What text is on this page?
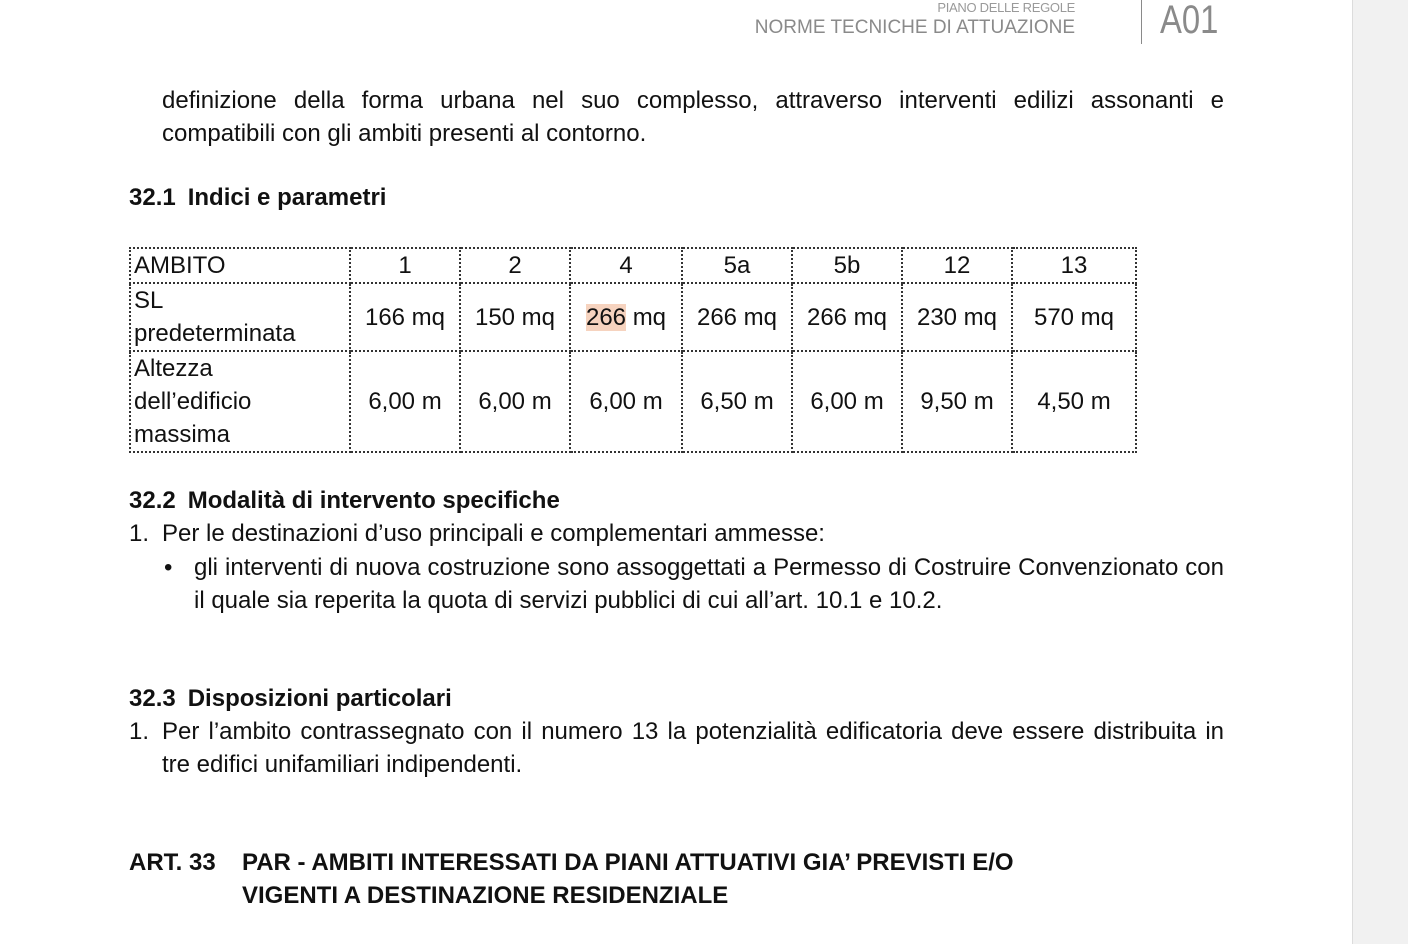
PIANO DELLE REGOLE
NORME TECNICHE DI ATTUAZIONE A01

definizione della forma urbana nel suo complesso, attraverso interventi edilizi assonanti e compatibili con gli ambiti presenti al contorno.

32.1 Indici e parametri
AMBITO	1	2	4	5a	5b	12	13

SL
predeterminata	166 mq	150 mq	266 mq	266 mq	266 mq	230 mq	570 mq

Altezza
dell’edificio
massima	6,00 m	6,00 m	6,00 m	6,50 m	6,00 m	9,50 m	4,50 m
32.2 Modalità di intervento specifiche
1. Per le destinazioni d’uso principali e complementari ammesse:
• gli interventi di nuova costruzione sono assoggettati a Permesso di Costruire Convenzionato con il quale sia reperita la quota di servizi pubblici di cui all’art. 10.1 e 10.2.

32.3 Disposizioni particolari
1. Per l’ambito contrassegnato con il numero 13 la potenzialità edificatoria deve essere distribuita in tre edifici unifamiliari indipendenti.

ART. 33 PAR - AMBITI INTERESSATI DA PIANI ATTUATIVI GIA’ PREVISTI E/O
VIGENTI A DESTINAZIONE RESIDENZIALE
